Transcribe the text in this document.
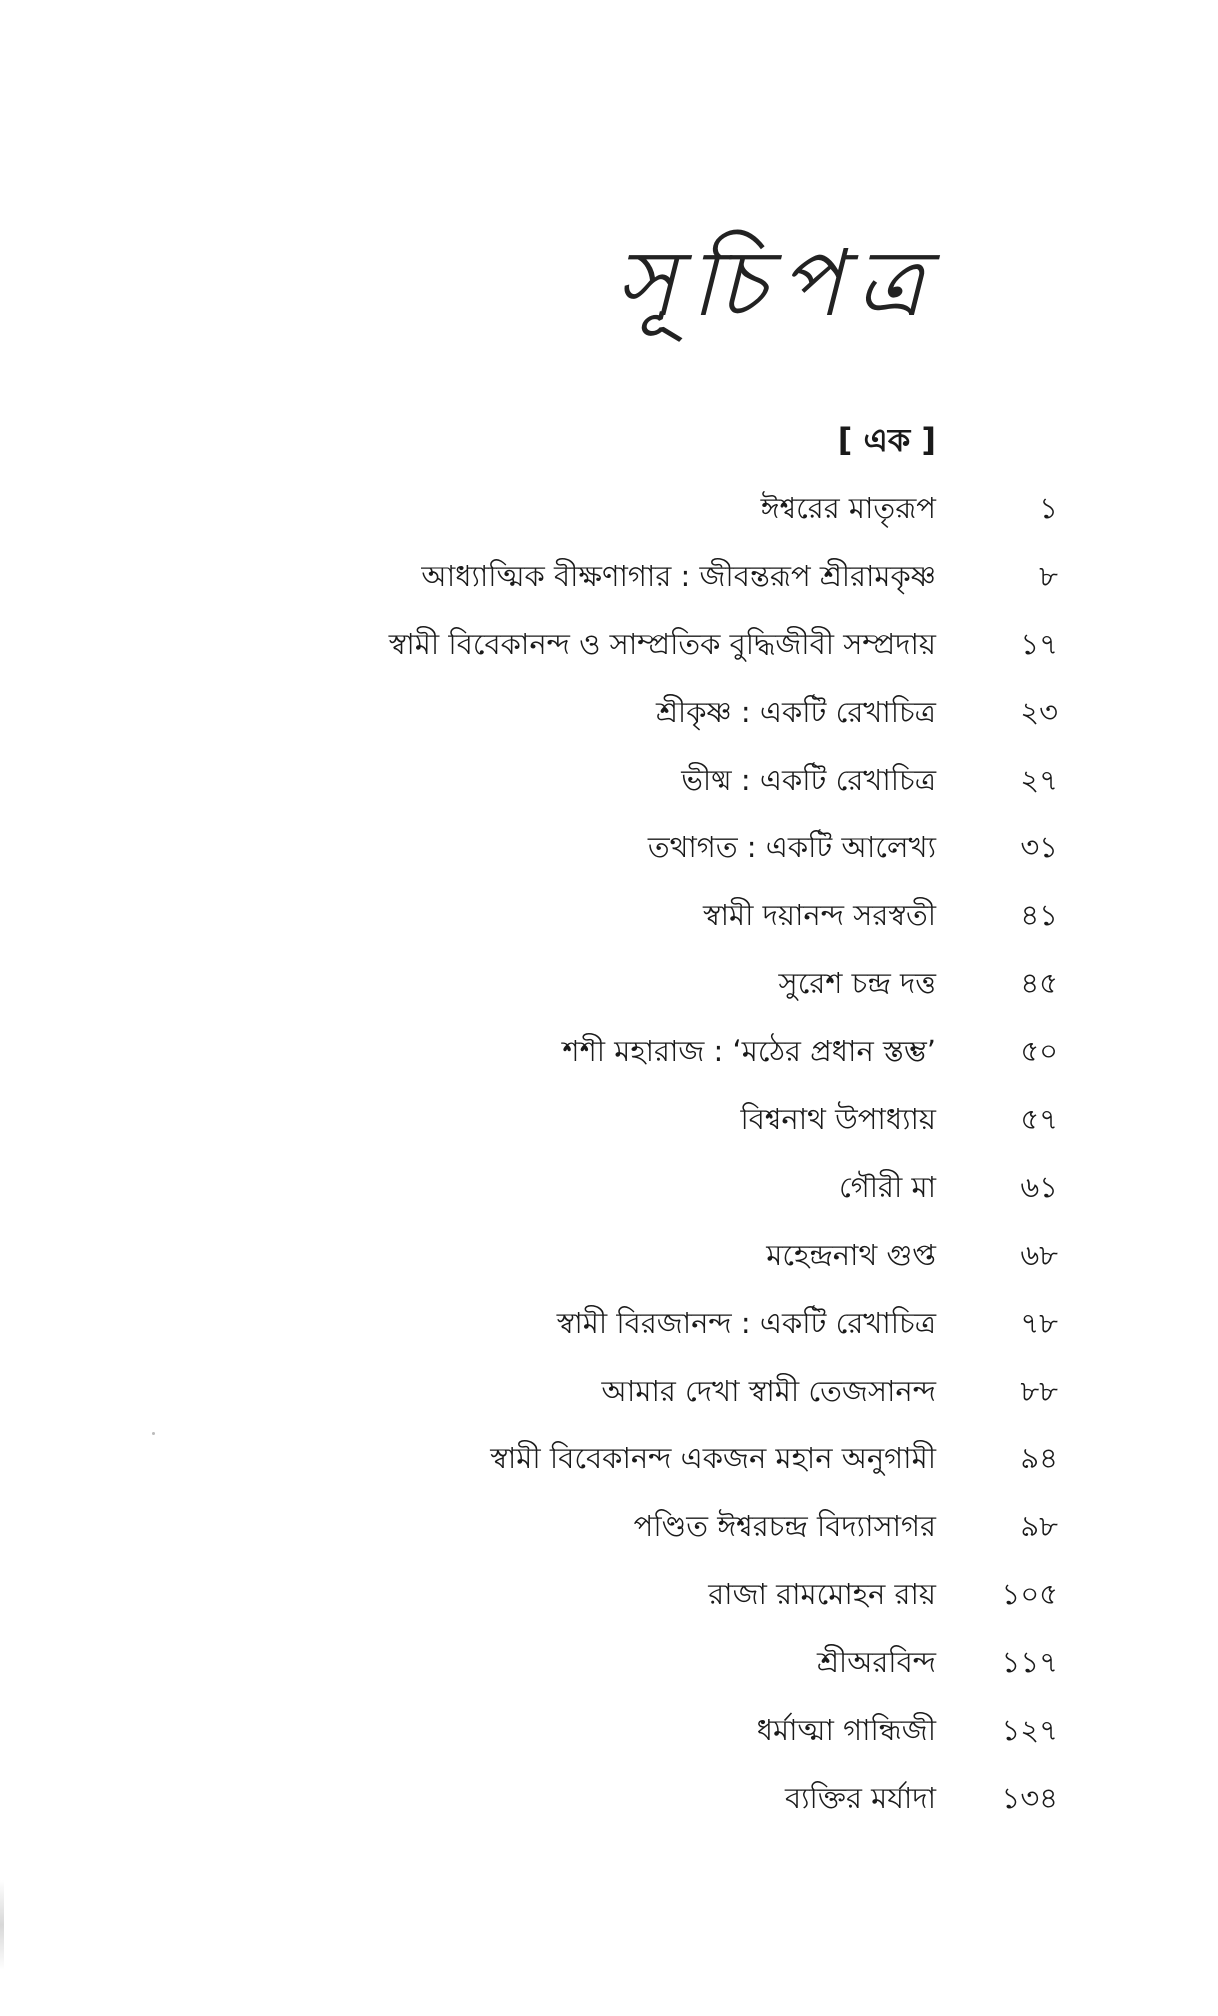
সূচিপত্র
[ এক ]
ঈশ্বরের মাতৃরূপ	১
আধ্যাত্মিক বীক্ষণাগার : জীবন্তরূপ শ্রীরামকৃষ্ণ	৮
স্বামী বিবেকানন্দ ও সাম্প্রতিক বুদ্ধিজীবী সম্প্রদায়	১৭
শ্রীকৃষ্ণ : একটি রেখাচিত্র	২৩
ভীষ্ম : একটি রেখাচিত্র	২৭
তথাগত : একটি আলেখ্য	৩১
স্বামী দয়ানন্দ সরস্বতী	৪১
সুরেশ চন্দ্র দত্ত	৪৫
শশী মহারাজ : ‘মঠের প্রধান স্তম্ভ’	৫০
বিশ্বনাথ উপাধ্যায়	৫৭
গৌরী মা	৬১
মহেন্দ্রনাথ গুপ্ত	৬৮
স্বামী বিরজানন্দ : একটি রেখাচিত্র	৭৮
আমার দেখা স্বামী তেজসানন্দ	৮৮
স্বামী বিবেকানন্দ একজন মহান অনুগামী	৯৪
পণ্ডিত ঈশ্বরচন্দ্র বিদ্যাসাগর	৯৮
রাজা রামমোহন রায়	১০৫
শ্রীঅরবিন্দ	১১৭
ধর্মাত্মা গান্ধিজী	১২৭
ব্যক্তির মর্যাদা	১৩৪
